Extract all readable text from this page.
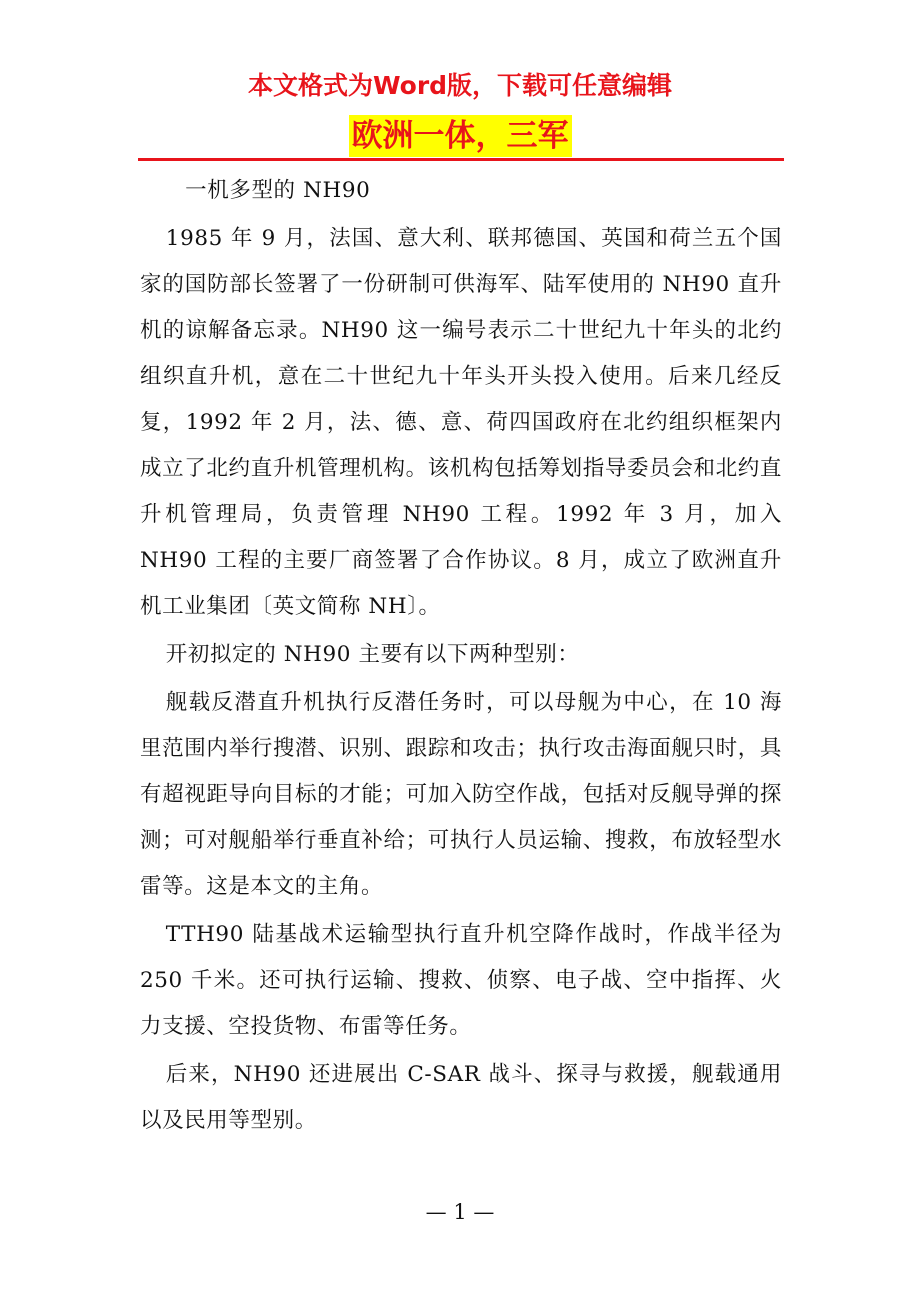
本文格式为Word版，下载可任意编辑
欧洲一体，三军

一机多型的 NH90

1985 年 9 月，法国、意大利、联邦德国、英国和荷兰五个国家的国防部长签署了一份研制可供海军、陆军使用的 NH90 直升机的谅解备忘录。NH90 这一编号表示二十世纪九十年头的北约组织直升机，意在二十世纪九十年头开头投入使用。后来几经反复，1992 年 2 月，法、德、意、荷四国政府在北约组织框架内成立了北约直升机管理机构。该机构包括筹划指导委员会和北约直升机管理局，负责管理 NH90 工程。1992 年 3 月，加入 NH90 工程的主要厂商签署了合作协议。8 月，成立了欧洲直升机工业集团〔英文简称 NH〕。

开初拟定的 NH90 主要有以下两种型别：

舰载反潜直升机执行反潜任务时，可以母舰为中心，在 10 海里范围内举行搜潜、识别、跟踪和攻击；执行攻击海面舰只时，具有超视距导向目标的才能；可加入防空作战，包括对反舰导弹的探测；可对舰船举行垂直补给；可执行人员运输、搜救，布放轻型水雷等。这是本文的主角。

TTH90 陆基战术运输型执行直升机空降作战时，作战半径为 250 千米。还可执行运输、搜救、侦察、电子战、空中指挥、火力支援、空投货物、布雷等任务。

后来，NH90 还进展出 C-SAR 战斗、探寻与救援，舰载通用以及民用等型别。

— 1 —
